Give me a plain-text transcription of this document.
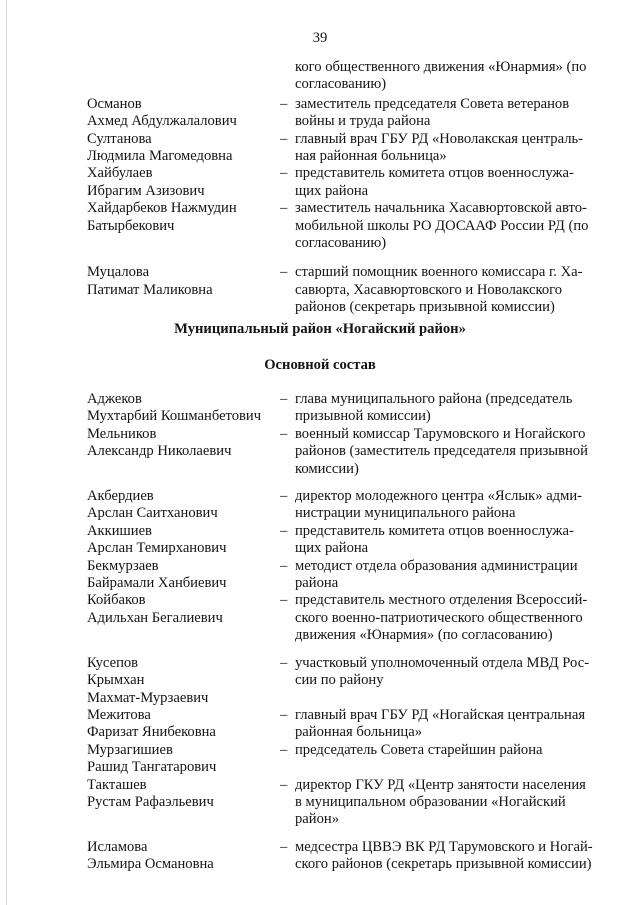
39
кого общественного движения «Юнармия» (по
согласованию)
Османов
Ахмед Абдулжалалович
– заместитель председателя Совета ветеранов
войны и труда района
Султанова
Людмила Магомедовна
– главный врач ГБУ РД «Новолакская централь-
ная районная больница»
Хайбулаев
Ибрагим Азизович
– представитель комитета отцов военнослужа-
щих района
Хайдарбеков Нажмудин
Батырбекович
– заместитель начальника Хасавюртовской авто-
мобильной школы РО ДОСААФ России РД (по
согласованию)
Муцалова
Патимат Маликовна
– старший помощник военного комиссара г. Ха-
савюрта, Хасавюртовского и Новолакского
районов (секретарь призывной комиссии)
Муниципальный район «Ногайский район»
Основной состав
Аджеков
Мухтарбий Кошманбетович
– глава муниципального района (председатель
призывной комиссии)
Мельников
Александр Николаевич
– военный комиссар Тарумовского и Ногайского
районов (заместитель председателя призывной
комиссии)
Акбердиев
Арслан Саитханович
– директор молодежного центра «Яслык» адми-
нистрации муниципального района
Аккишиев
Арслан Темирханович
– представитель комитета отцов военнослужа-
щих района
Бекмурзаев
Байрамали Ханбиевич
– методист отдела образования администрации
района
Койбаков
Адильхан Бегалиевич
– представитель местного отделения Всероссий-
ского военно-патриотического общественного
движения «Юнармия» (по согласованию)
Кусепов
Крымхан
Махмат-Мурзаевич
– участковый уполномоченный отдела МВД Рос-
сии по району
Межитова
Фаризат Янибековна
– главный врач ГБУ РД «Ногайская центральная
районная больница»
Мурзагишиев
Рашид Тангатарович
– председатель Совета старейшин района
Такташев
Рустам Рафаэльевич
– директор ГКУ РД «Центр занятости населения
в муниципальном образовании «Ногайский
район»
Исламова
Эльмира Османовна
– медсестра ЦВВЭ ВК РД Тарумовского и Ногай-
ского районов (секретарь призывной комиссии)
